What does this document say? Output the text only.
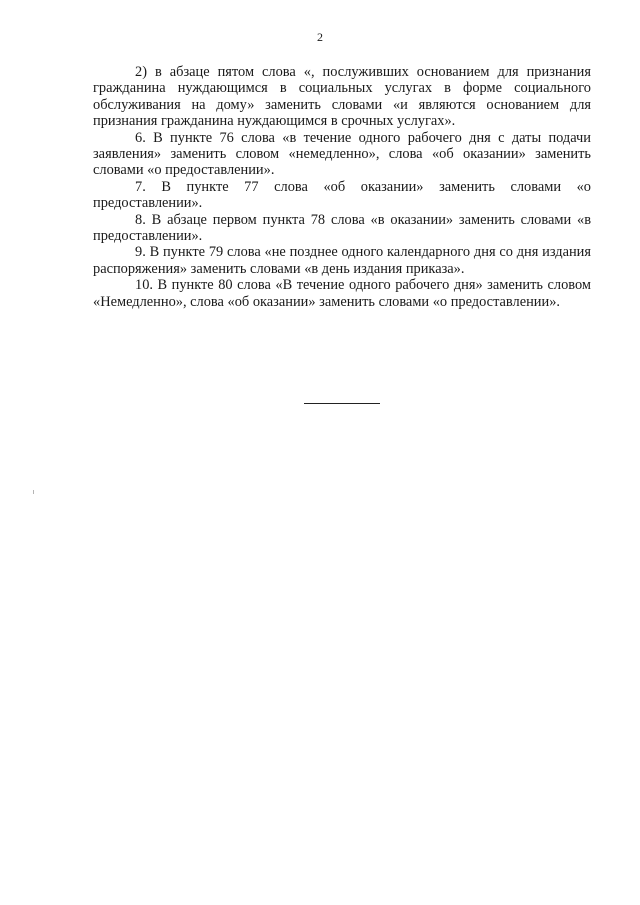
2

2) в абзаце пятом слова «, послуживших основанием для признания гражданина нуждающимся в социальных услугах в форме социального обслуживания на дому» заменить словами «и являются основанием для признания гражданина нуждающимся в срочных услугах».

6. В пункте 76 слова «в течение одного рабочего дня с даты подачи заявления» заменить словом «немедленно», слова «об оказании» заменить словами «о предоставлении».

7. В пункте 77 слова «об оказании» заменить словами «о предоставлении».

8. В абзаце первом пункта 78 слова «в оказании» заменить словами «в предоставлении».

9. В пункте 79 слова «не позднее одного календарного дня со дня издания распоряжения» заменить словами «в день издания приказа».

10. В пункте 80 слова «В течение одного рабочего дня» заменить словом «Немедленно», слова «об оказании» заменить словами «о предоставлении».
